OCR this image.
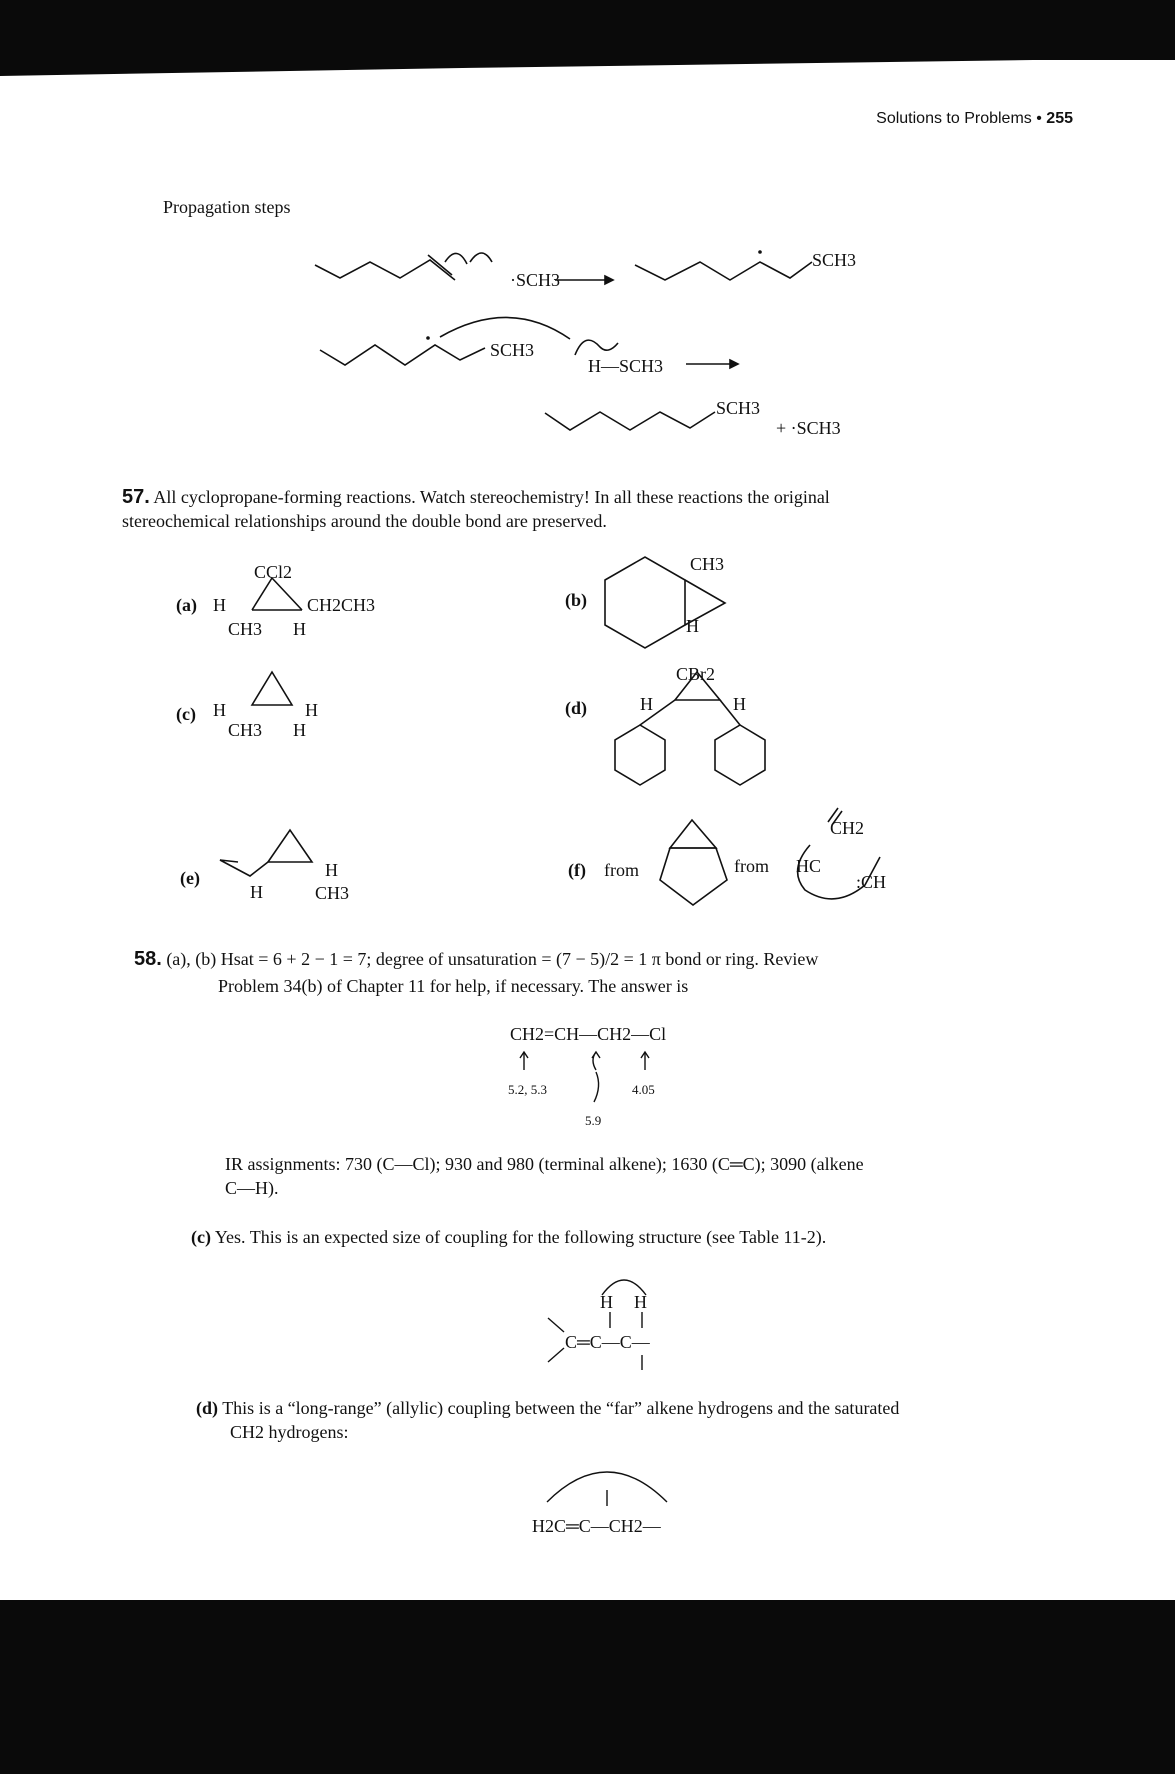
Solutions to Problems • 255
Propagation steps
·SCH3
SCH3
SCH3
H—SCH3
SCH3
+ ·SCH3
(a)
CCl2
H	CH2CH3
CH3 H
(b)
CH3
H
(c) H	H
CH3 H
(d)
CBr2
H	H
(e)	H
H	CH3
(f) from	from
CH2
HC
:CH
CH2=CH—CH2—Cl
5.2, 5.3
5.9
4.05
H H
C═C—C—
H2C═C—CH2—
57. All cyclopropane-forming reactions. Watch stereochemistry! In all these reactions the original
stereochemical relationships around the double bond are preserved.
58. (a), (b) Hsat = 6 + 2 − 1 = 7; degree of unsaturation = (7 − 5)/2 = 1 π bond or ring. Review
Problem 34(b) of Chapter 11 for help, if necessary. The answer is
IR assignments: 730 (C—Cl); 930 and 980 (terminal alkene); 1630 (C═C); 3090 (alkene
C—H).
(c) Yes. This is an expected size of coupling for the following structure (see Table 11-2).
(d) This is a “long-range” (allylic) coupling between the “far” alkene hydrogens and the saturated
CH2 hydrogens:
